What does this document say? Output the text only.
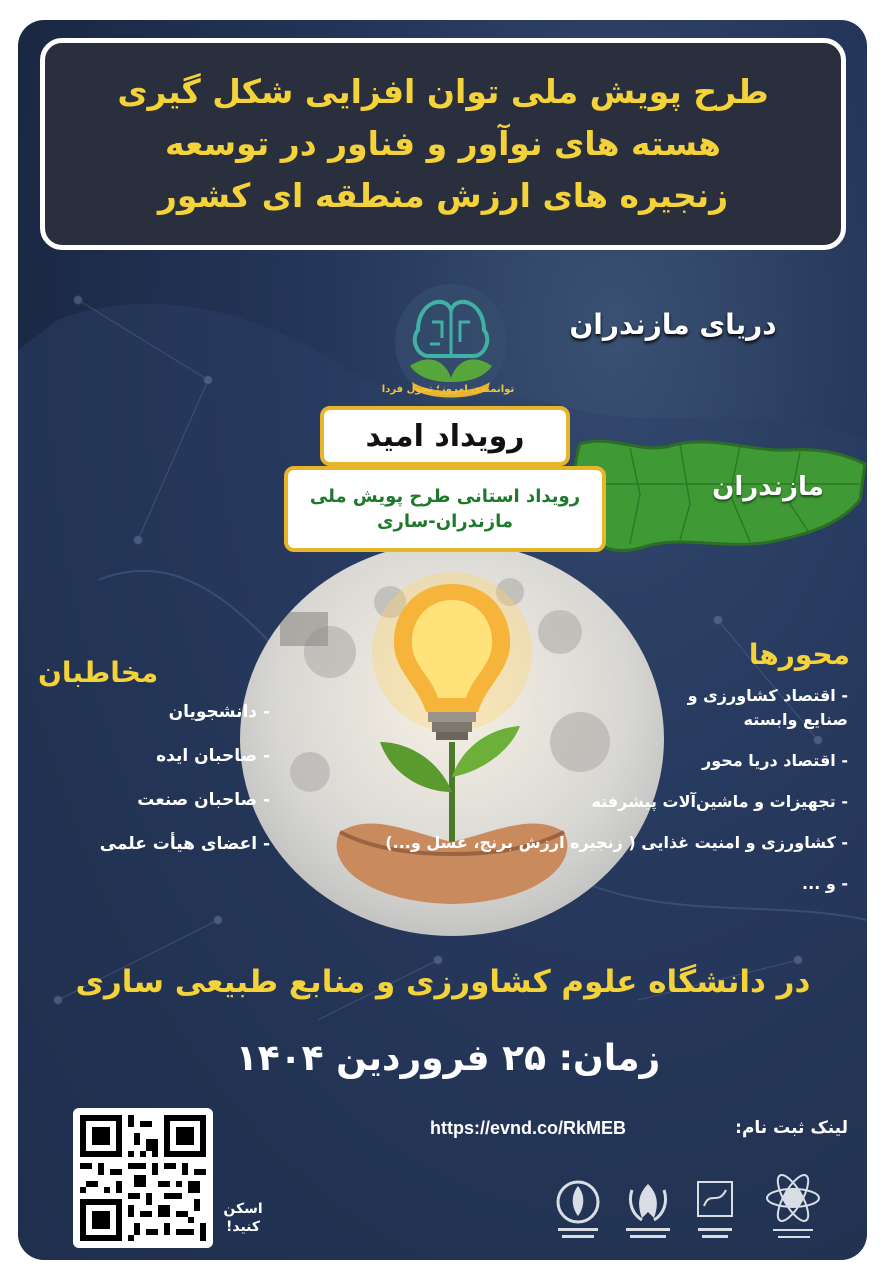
طرح پویش ملی توان افزایی شکل گیری
هسته های نوآور و فناور در توسعه
زنجیره های ارزش منطقه ای کشور
توانمندی امروز؛ تحول فردا
دریای مازندران
مازندران
رویداد امید
رویداد استانی طرح پویش ملی
مازندران-ساری
محورها
- اقتصاد کشاورزی و
صنایع وابسته
- اقتصاد دریا محور
- تجهیزات و ماشین‌آلات پیشرفته
- کشاورزی و امنیت غذایی ( زنجیره ارزش برنج، عسل و...)
- و ...
مخاطبان
- دانشجویان
- صاحبان ایده
- صاحبان صنعت
- اعضای هیأت علمی
در دانشگاه علوم کشاورزی و منابع طبیعی ساری
زمان: ۲۵ فروردین ۱۴۰۴
لینک ثبت نام:
https://evnd.co/RkMEB
اسکن
کنید!
